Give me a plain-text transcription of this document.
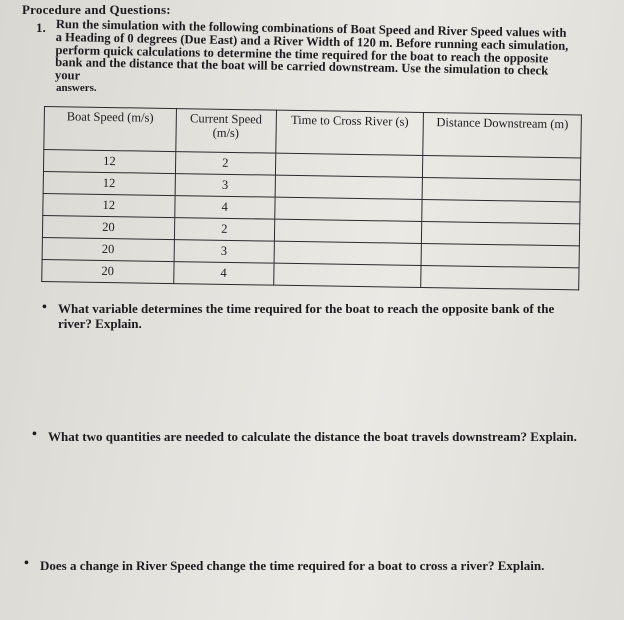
Procedure and Questions:
1. Run the simulation with the following combinations of Boat Speed and River Speed values with a Heading of 0 degrees (Due East) and a River Width of 120 m. Before running each simulation, perform quick calculations to determine the time required for the boat to reach the opposite bank and the distance that the boat will be carried downstream. Use the simulation to check your
answers.
Boat Speed (m/s)	Current Speed (m/s)	Time to Cross River (s)	Distance Downstream (m)
12	2		
12	3		
12	4		
20	2		
20	3		
20	4		
• What variable determines the time required for the boat to reach the opposite bank of the river? Explain.
• What two quantities are needed to calculate the distance the boat travels downstream? Explain.
• Does a change in River Speed change the time required for a boat to cross a river? Explain.
